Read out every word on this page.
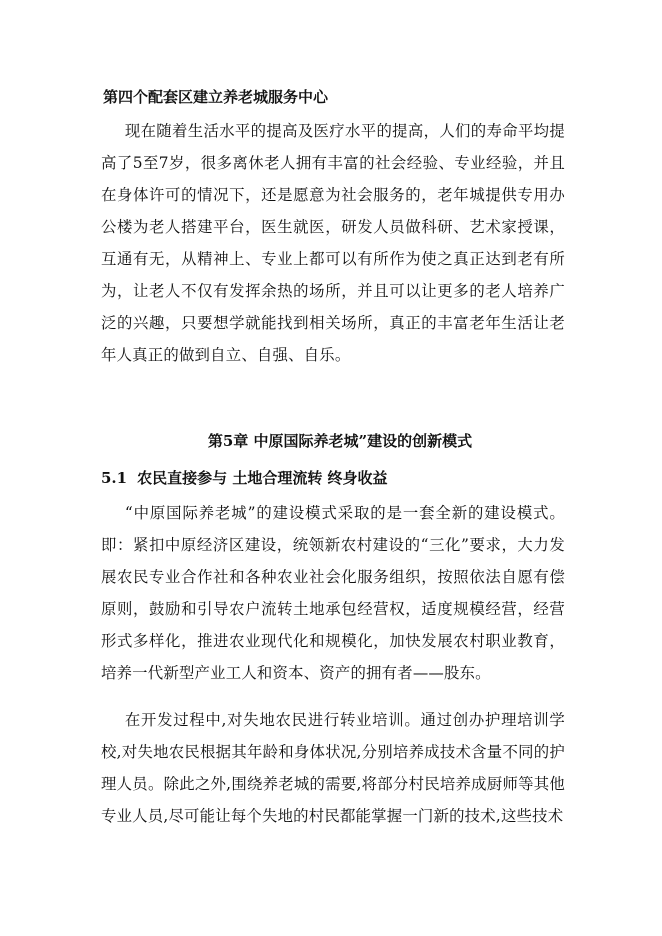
第四个配套区建立养老城服务中心

现在随着生活水平的提高及医疗水平的提高，人们的寿命平均提高了5至7岁，很多离休老人拥有丰富的社会经验、专业经验，并且在身体许可的情况下，还是愿意为社会服务的，老年城提供专用办公楼为老人搭建平台，医生就医，研发人员做科研、艺术家授课，互通有无，从精神上、专业上都可以有所作为使之真正达到老有所为，让老人不仅有发挥余热的场所，并且可以让更多的老人培养广泛的兴趣，只要想学就能找到相关场所，真正的丰富老年生活让老年人真正的做到自立、自强、自乐。

第5章 中原国际养老城”建设的创新模式
5.1 农民直接参与 土地合理流转 终身收益

“中原国际养老城”的建设模式采取的是一套全新的建设模式。即：紧扣中原经济区建设，统领新农村建设的“三化”要求，大力发展农民专业合作社和各种农业社会化服务组织，按照依法自愿有偿原则，鼓励和引导农户流转土地承包经营权，适度规模经营，经营形式多样化，推进农业现代化和规模化，加快发展农村职业教育，培养一代新型产业工人和资本、资产的拥有者——股东。

在开发过程中,对失地农民进行转业培训。通过创办护理培训学校,对失地农民根据其年龄和身体状况,分别培养成技术含量不同的护理人员。除此之外,围绕养老城的需要,将部分村民培养成厨师等其他专业人员,尽可能让每个失地的村民都能掌握一门新的技术,这些技术
